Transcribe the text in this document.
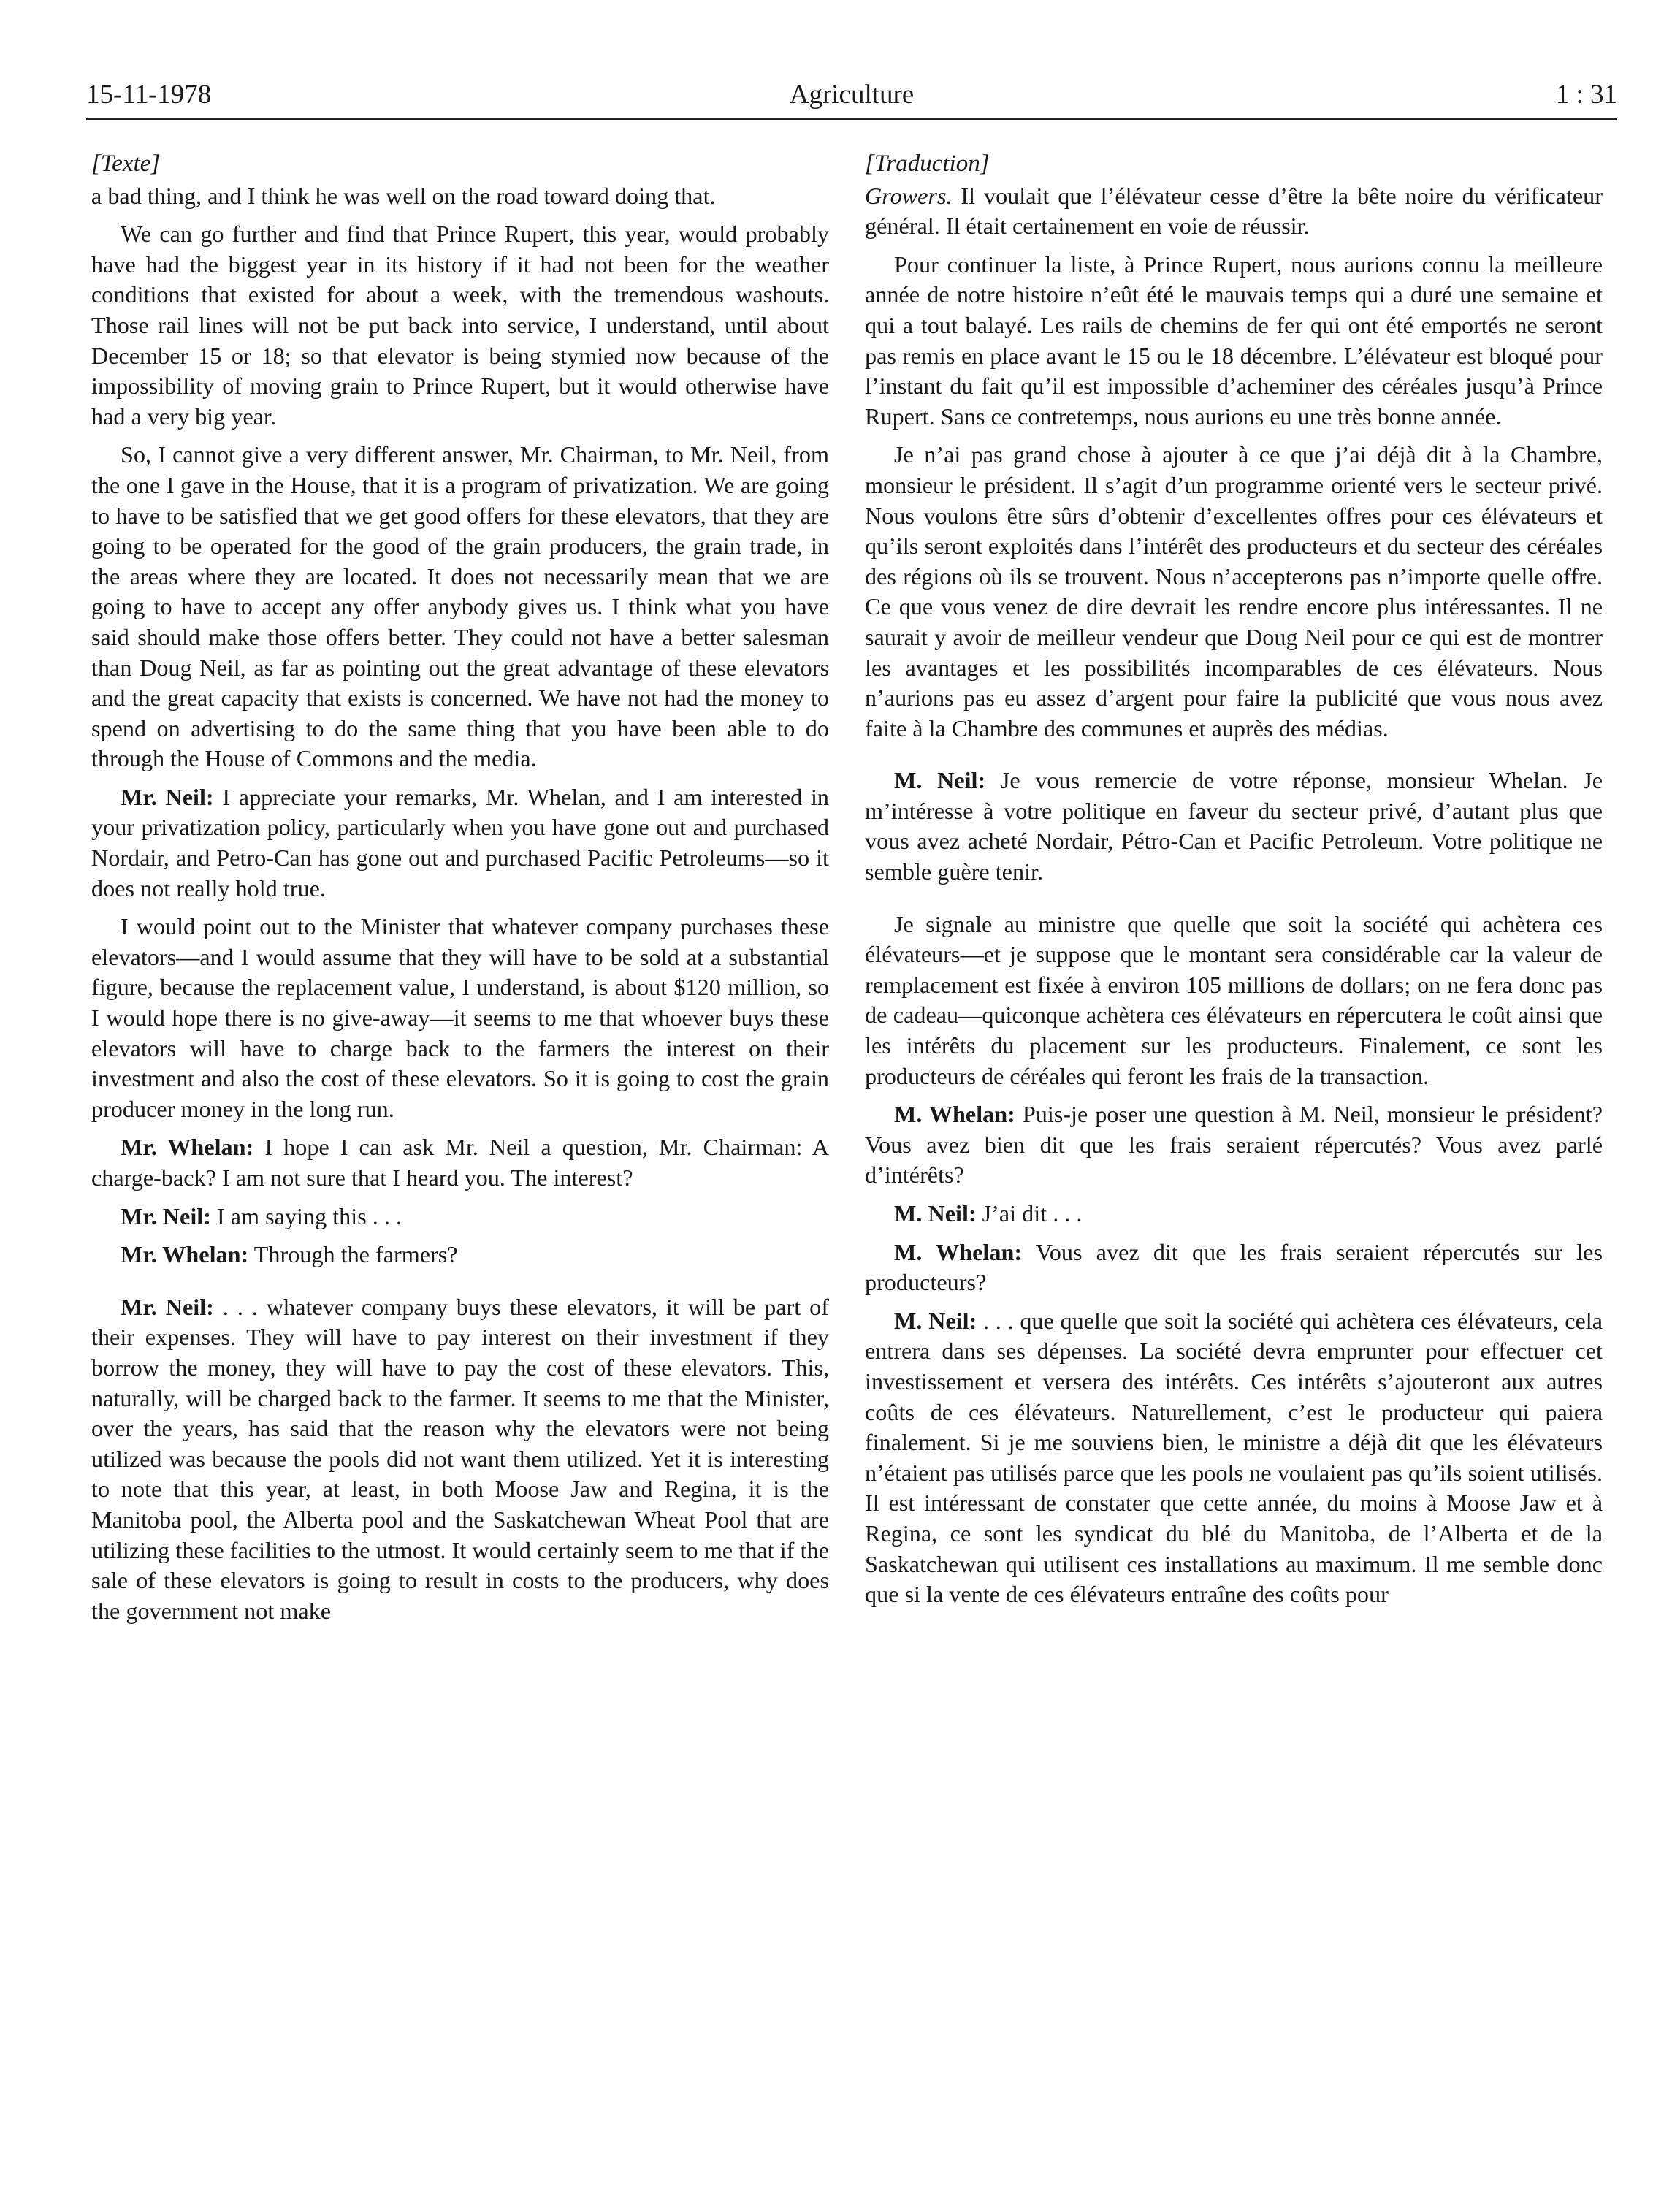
15-11-1978	Agriculture	1 : 31
[Texte]

a bad thing, and I think he was well on the road toward doing that.

We can go further and find that Prince Rupert, this year, would probably have had the biggest year in its history if it had not been for the weather conditions that existed for about a week, with the tremendous washouts. Those rail lines will not be put back into service, I understand, until about December 15 or 18; so that elevator is being stymied now because of the impossibility of moving grain to Prince Rupert, but it would otherwise have had a very big year.

So, I cannot give a very different answer, Mr. Chairman, to Mr. Neil, from the one I gave in the House, that it is a program of privatization. We are going to have to be satisfied that we get good offers for these elevators, that they are going to be operated for the good of the grain producers, the grain trade, in the areas where they are located. It does not necessarily mean that we are going to have to accept any offer anybody gives us. I think what you have said should make those offers better. They could not have a better salesman than Doug Neil, as far as pointing out the great advantage of these elevators and the great capacity that exists is concerned. We have not had the money to spend on advertising to do the same thing that you have been able to do through the House of Commons and the media.

Mr. Neil: I appreciate your remarks, Mr. Whelan, and I am interested in your privatization policy, particularly when you have gone out and purchased Nordair, and Petro-Can has gone out and purchased Pacific Petroleums—so it does not really hold true.

I would point out to the Minister that whatever company purchases these elevators—and I would assume that they will have to be sold at a substantial figure, because the replacement value, I understand, is about $120 million, so I would hope there is no give-away—it seems to me that whoever buys these elevators will have to charge back to the farmers the interest on their investment and also the cost of these elevators. So it is going to cost the grain producer money in the long run.

Mr. Whelan: I hope I can ask Mr. Neil a question, Mr. Chairman: A charge-back? I am not sure that I heard you. The interest?

Mr. Neil: I am saying this . . .

Mr. Whelan: Through the farmers?

Mr. Neil: . . . whatever company buys these elevators, it will be part of their expenses. They will have to pay interest on their investment if they borrow the money, they will have to pay the cost of these elevators. This, naturally, will be charged back to the farmer. It seems to me that the Minister, over the years, has said that the reason why the elevators were not being utilized was because the pools did not want them utilized. Yet it is interesting to note that this year, at least, in both Moose Jaw and Regina, it is the Manitoba pool, the Alberta pool and the Saskatchewan Wheat Pool that are utilizing these facilities to the utmost. It would certainly seem to me that if the sale of these elevators is going to result in costs to the producers, why does the government not make

[Traduction]

Growers. Il voulait que l’élévateur cesse d’être la bête noire du vérificateur général. Il était certainement en voie de réussir.

Pour continuer la liste, à Prince Rupert, nous aurions connu la meilleure année de notre histoire n’eût été le mauvais temps qui a duré une semaine et qui a tout balayé. Les rails de chemins de fer qui ont été emportés ne seront pas remis en place avant le 15 ou le 18 décembre. L’élévateur est bloqué pour l’instant du fait qu’il est impossible d’acheminer des céréales jusqu’à Prince Rupert. Sans ce contretemps, nous aurions eu une très bonne année.

Je n’ai pas grand chose à ajouter à ce que j’ai déjà dit à la Chambre, monsieur le président. Il s’agit d’un programme orienté vers le secteur privé. Nous voulons être sûrs d’obtenir d’excellentes offres pour ces élévateurs et qu’ils seront exploités dans l’intérêt des producteurs et du secteur des céréales des régions où ils se trouvent. Nous n’accepterons pas n’importe quelle offre. Ce que vous venez de dire devrait les rendre encore plus intéressantes. Il ne saurait y avoir de meilleur vendeur que Doug Neil pour ce qui est de montrer les avantages et les possibilités incomparables de ces élévateurs. Nous n’aurions pas eu assez d’argent pour faire la publicité que vous nous avez faite à la Chambre des communes et auprès des médias.

M. Neil: Je vous remercie de votre réponse, monsieur Whelan. Je m’intéresse à votre politique en faveur du secteur privé, d’autant plus que vous avez acheté Nordair, Pétro-Can et Pacific Petroleum. Votre politique ne semble guère tenir.

Je signale au ministre que quelle que soit la société qui achètera ces élévateurs—et je suppose que le montant sera considérable car la valeur de remplacement est fixée à environ 105 millions de dollars; on ne fera donc pas de cadeau—quiconque achètera ces élévateurs en répercutera le coût ainsi que les intérêts du placement sur les producteurs. Finalement, ce sont les producteurs de céréales qui feront les frais de la transaction.

M. Whelan: Puis-je poser une question à M. Neil, monsieur le président? Vous avez bien dit que les frais seraient répercutés? Vous avez parlé d’intérêts?

M. Neil: J’ai dit . . .

M. Whelan: Vous avez dit que les frais seraient répercutés sur les producteurs?

M. Neil: . . . que quelle que soit la société qui achètera ces élévateurs, cela entrera dans ses dépenses. La société devra emprunter pour effectuer cet investissement et versera des intérêts. Ces intérêts s’ajouteront aux autres coûts de ces élévateurs. Naturellement, c’est le producteur qui paiera finalement. Si je me souviens bien, le ministre a déjà dit que les élévateurs n’étaient pas utilisés parce que les pools ne voulaient pas qu’ils soient utilisés. Il est intéressant de constater que cette année, du moins à Moose Jaw et à Regina, ce sont les syndicat du blé du Manitoba, de l’Alberta et de la Saskatchewan qui utilisent ces installations au maximum. Il me semble donc que si la vente de ces élévateurs entraîne des coûts pour
